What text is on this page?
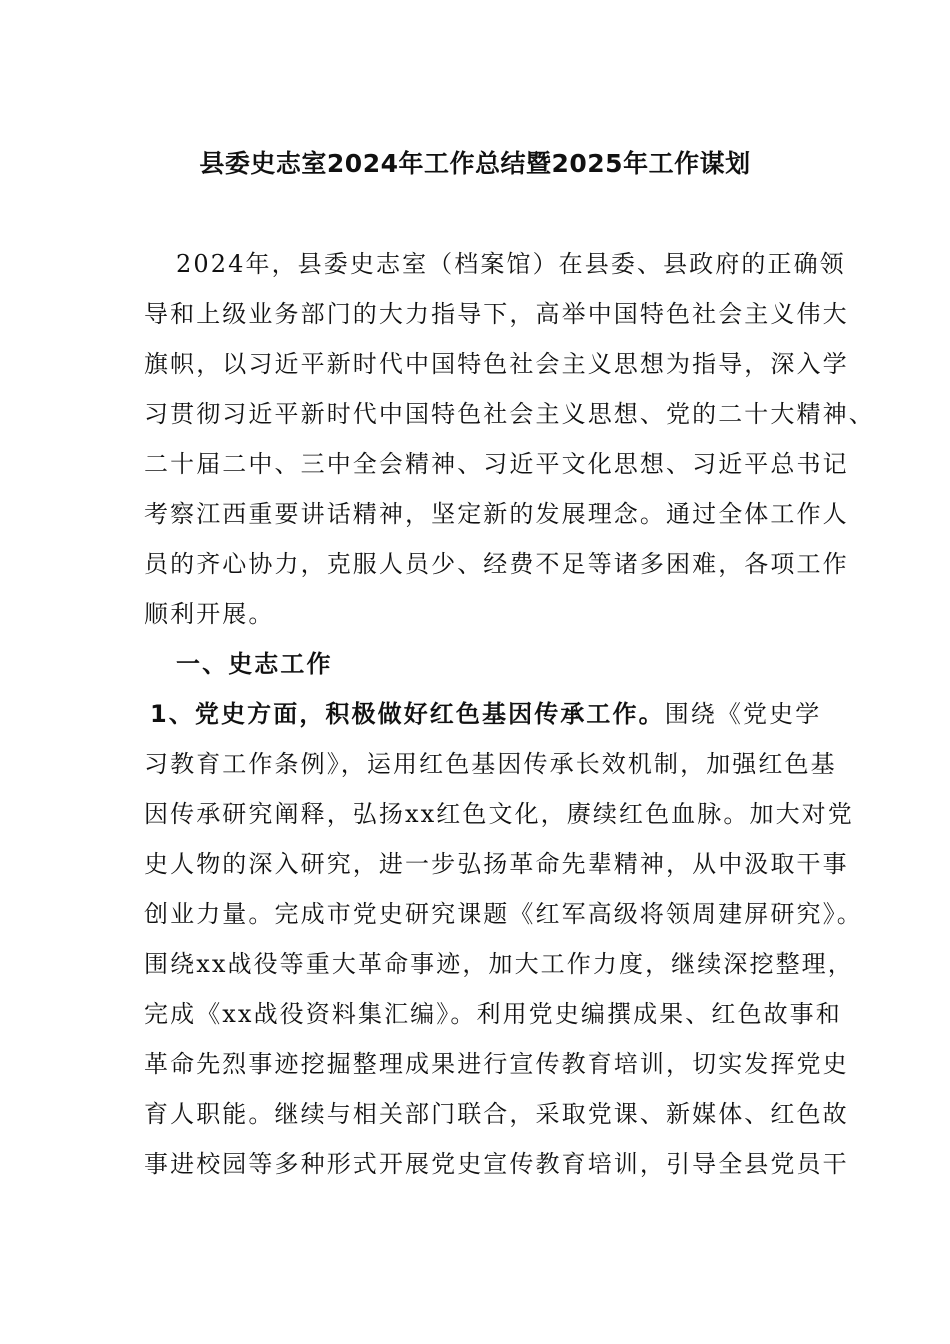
县委史志室2024年工作总结暨2025年工作谋划
2024年，县委史志室（档案馆）在县委、县政府的正确领
导和上级业务部门的大力指导下，高举中国特色社会主义伟大
旗帜，以习近平新时代中国特色社会主义思想为指导，深入学
习贯彻习近平新时代中国特色社会主义思想、党的二十大精神、
二十届二中、三中全会精神、习近平文化思想、习近平总书记
考察江西重要讲话精神，坚定新的发展理念。通过全体工作人
员的齐心协力，克服人员少、经费不足等诸多困难，各项工作
顺利开展。
一、史志工作
1、党史方面，积极做好红色基因传承工作。围绕《党史学
习教育工作条例》，运用红色基因传承长效机制，加强红色基
因传承研究阐释，弘扬xx红色文化，赓续红色血脉。加大对党
史人物的深入研究，进一步弘扬革命先辈精神，从中汲取干事
创业力量。完成市党史研究课题《红军高级将领周建屏研究》。
围绕xx战役等重大革命事迹，加大工作力度，继续深挖整理，
完成《xx战役资料集汇编》。利用党史编撰成果、红色故事和
革命先烈事迹挖掘整理成果进行宣传教育培训，切实发挥党史
育人职能。继续与相关部门联合，采取党课、新媒体、红色故
事进校园等多种形式开展党史宣传教育培训，引导全县党员干
